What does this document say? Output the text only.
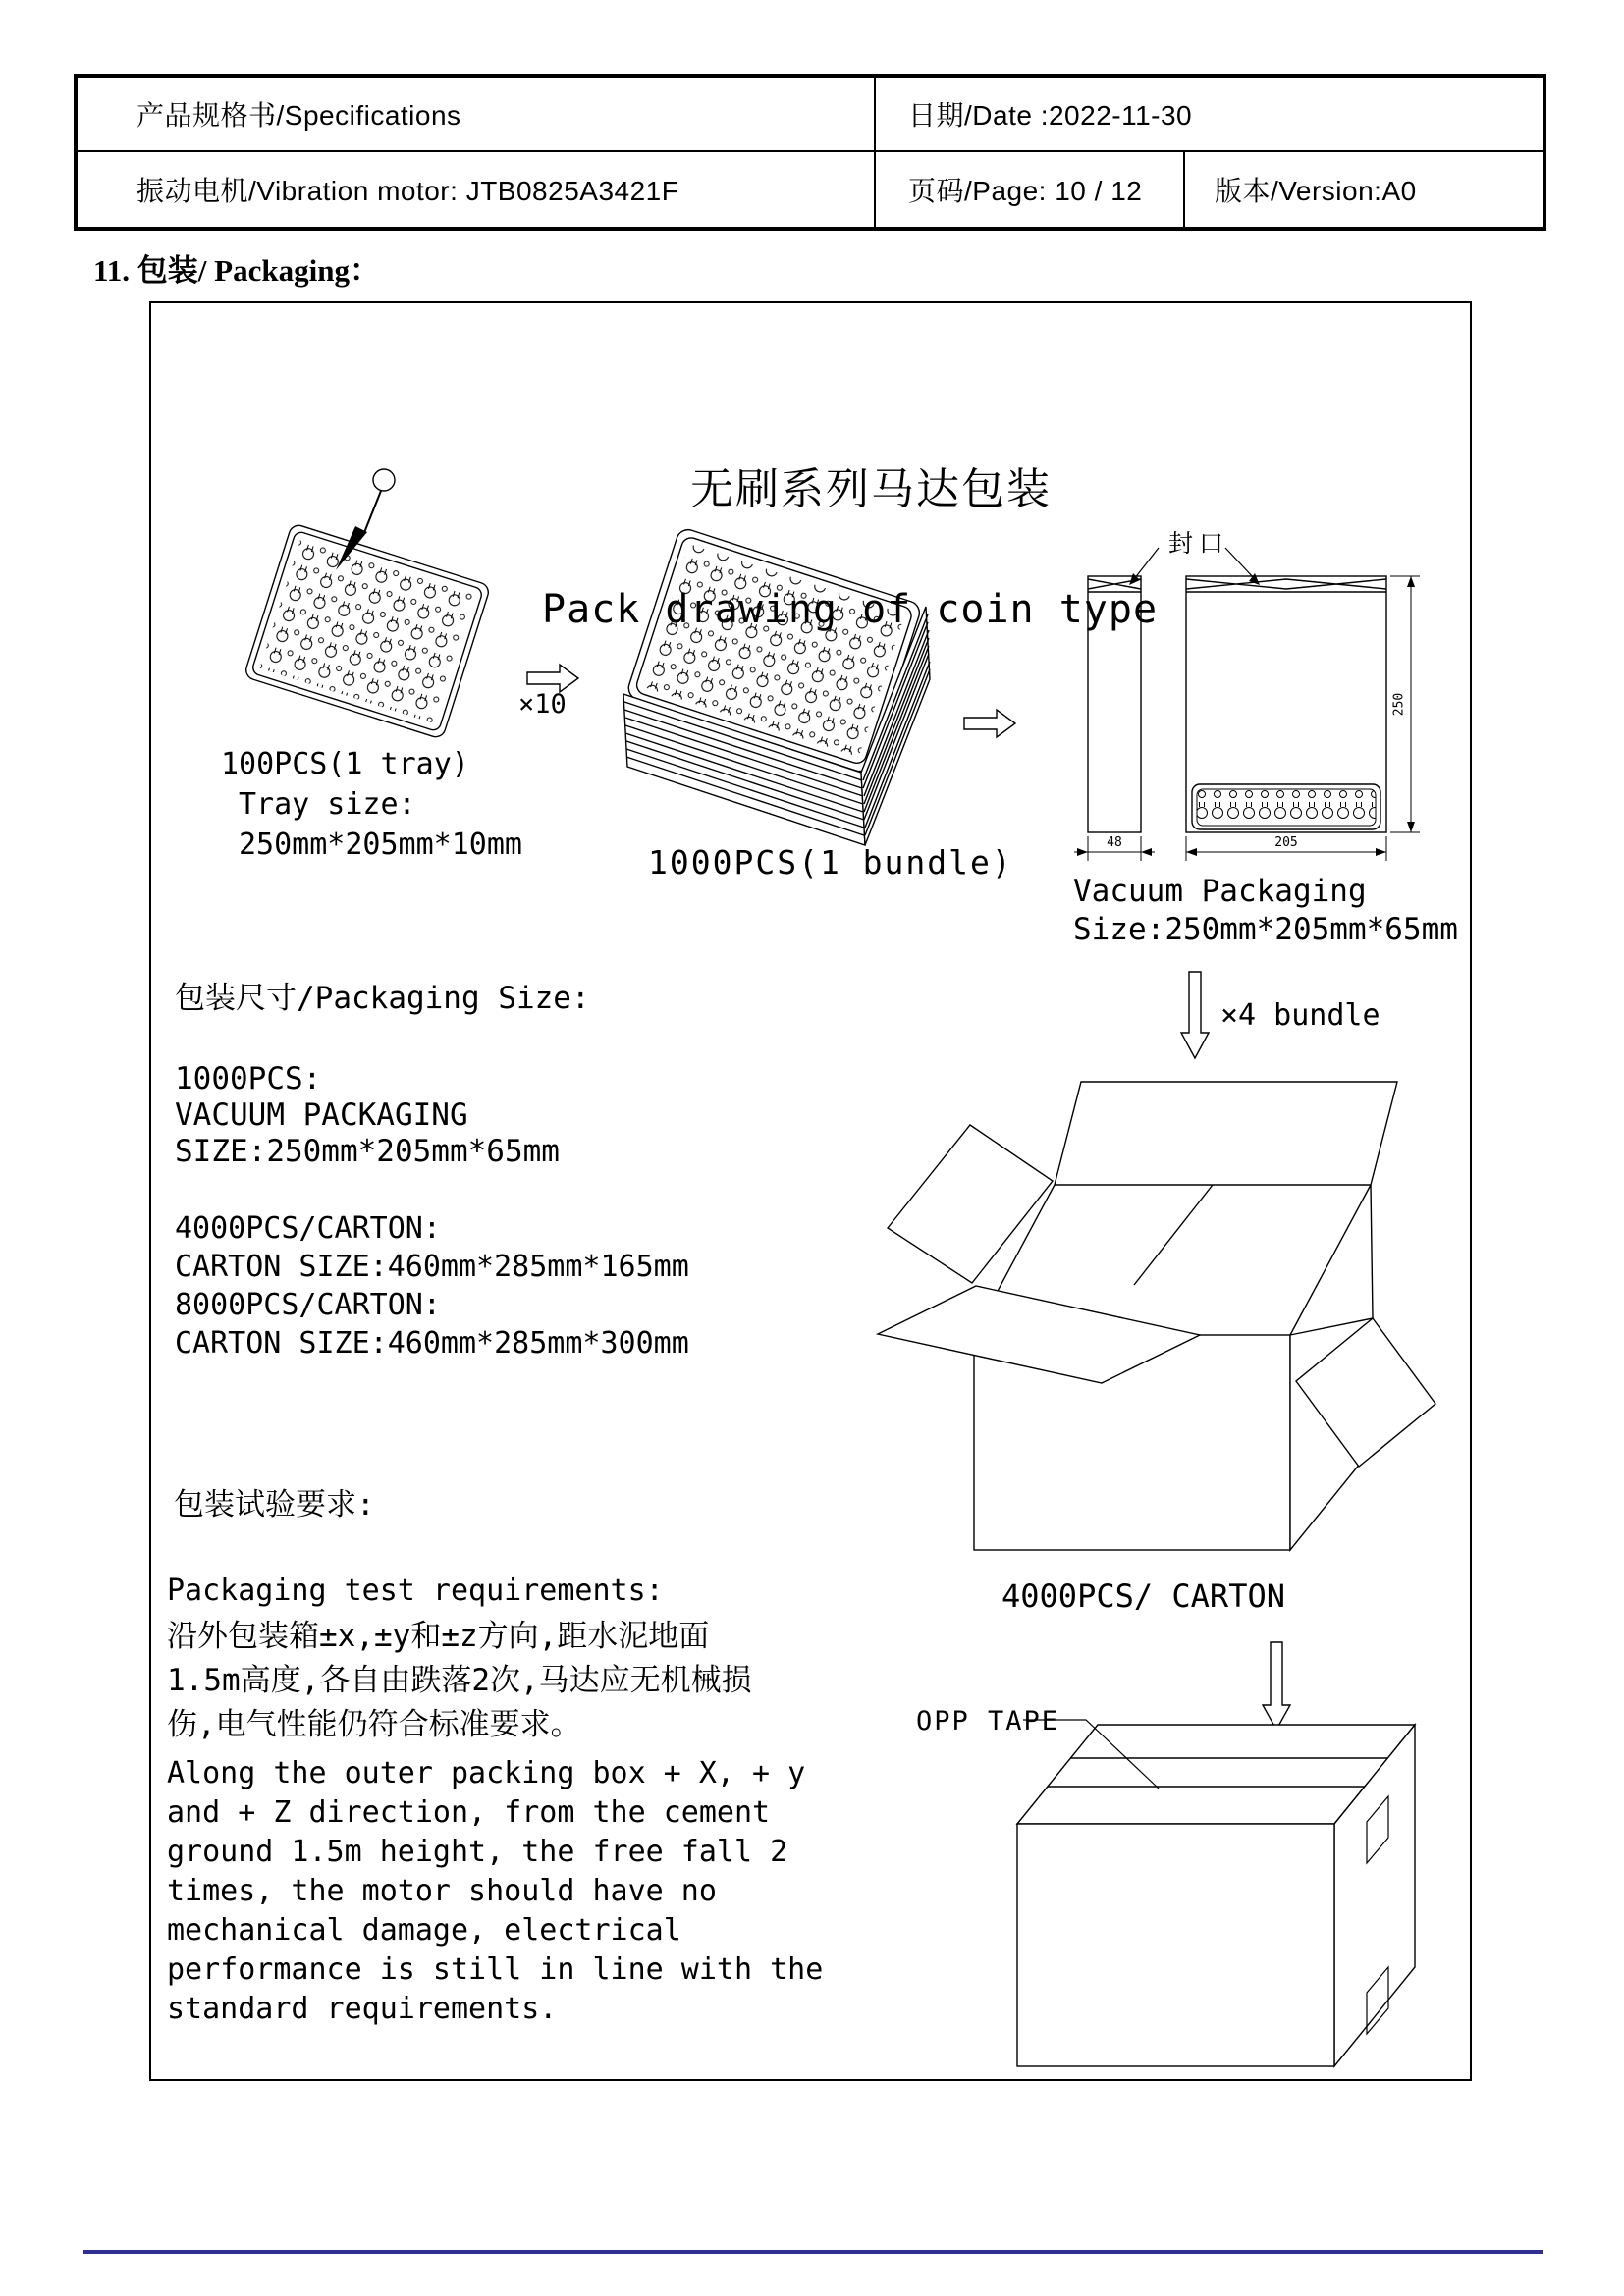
产品规格书/Specifications	日期/Date :2022-11-30
振动电机/Vibration motor: JTB0825A3421F	页码/Page: 10 / 12	版本/Version:A0
11. 包装/ Packaging：
无刷系列马达包装
Pack drawing of coin type
100PCS(1 tray)
Tray size:
250mm*205mm*10mm
×10
1000PCS(1 bundle)
封口
Vacuum Packaging
Size:250mm*205mm*65mm
48	205
250
×4 bundle
包装尺寸/Packaging Size:
1000PCS:
VACUUM PACKAGING
SIZE:250mm*205mm*65mm
4000PCS/CARTON:
CARTON SIZE:460mm*285mm*165mm
8000PCS/CARTON:
CARTON SIZE:460mm*285mm*300mm
4000PCS/ CARTON
OPP TAPE
包装试验要求:
Packaging test requirements:
沿外包装箱±x,±y和±z方向,距水泥地面
1.5m高度,各自由跌落2次,马达应无机械损
伤,电气性能仍符合标准要求。
Along the outer packing box + X, + y
and + Z direction, from the cement
ground 1.5m height, the free fall 2
times, the motor should have no
mechanical damage, electrical
performance is still in line with the
standard requirements.
